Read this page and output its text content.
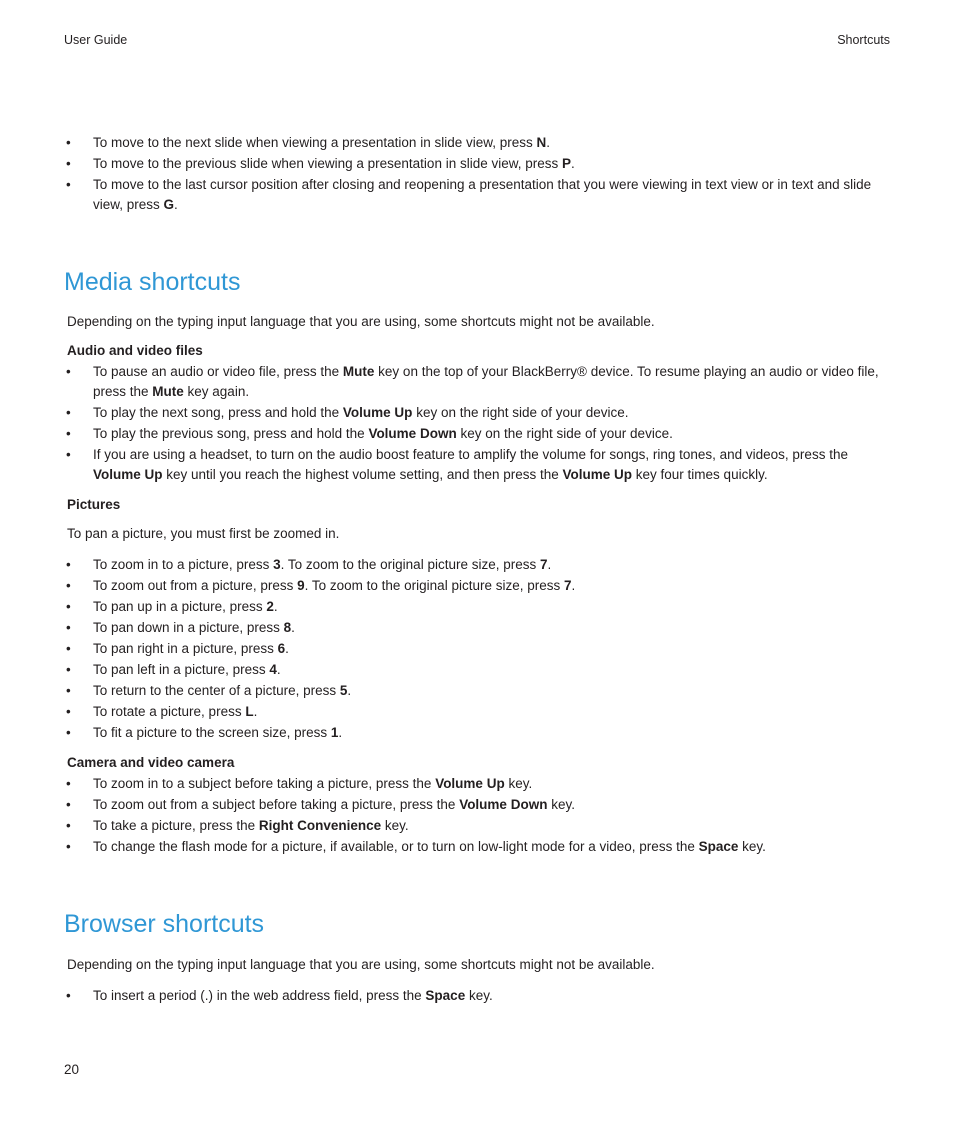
User Guide	Shortcuts
• To move to the next slide when viewing a presentation in slide view, press N.
• To move to the previous slide when viewing a presentation in slide view, press P.
• To move to the last cursor position after closing and reopening a presentation that you were viewing in text view or in text and slide view, press G.
Media shortcuts

Depending on the typing input language that you are using, some shortcuts might not be available.

Audio and video files

• To pause an audio or video file, press the Mute key on the top of your BlackBerry® device. To resume playing an audio or video file, press the Mute key again.
• To play the next song, press and hold the Volume Up key on the right side of your device.
• To play the previous song, press and hold the Volume Down key on the right side of your device.
• If you are using a headset, to turn on the audio boost feature to amplify the volume for songs, ring tones, and videos, press the Volume Up key until you reach the highest volume setting, and then press the Volume Up key four times quickly.

Pictures

To pan a picture, you must first be zoomed in.

• To zoom in to a picture, press 3. To zoom to the original picture size, press 7.
• To zoom out from a picture, press 9. To zoom to the original picture size, press 7.
• To pan up in a picture, press 2.
• To pan down in a picture, press 8.
• To pan right in a picture, press 6.
• To pan left in a picture, press 4.
• To return to the center of a picture, press 5.
• To rotate a picture, press L.
• To fit a picture to the screen size, press 1.

Camera and video camera

• To zoom in to a subject before taking a picture, press the Volume Up key.
• To zoom out from a subject before taking a picture, press the Volume Down key.
• To take a picture, press the Right Convenience key.
• To change the flash mode for a picture, if available, or to turn on low-light mode for a video, press the Space key.
Browser shortcuts

Depending on the typing input language that you are using, some shortcuts might not be available.

• To insert a period (.) in the web address field, press the Space key.
20
